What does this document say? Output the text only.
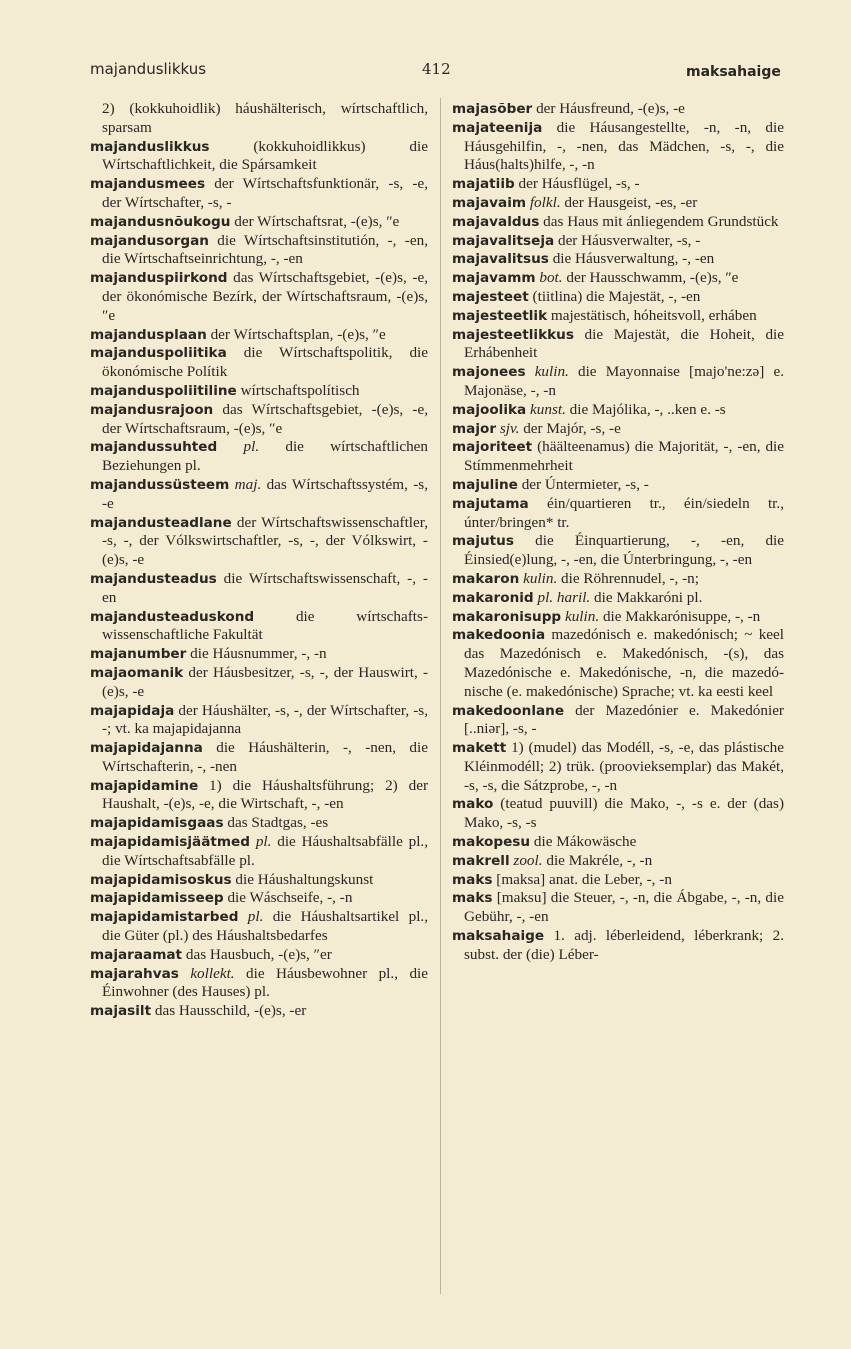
majanduslikkus	412	maksahaige

2) (kokkuhoidlik) háushälterisch, wírtschaftlich, sparsam

majanduslikkus (kokkuhoidlikkus) die Wírtschaftlichkeit, die Spársamkeit

majandusmees der Wírtschaftsfunktionär, -s, -e, der Wírtschafter, -s, -

majandusnõukogu der Wírtschaftsrat, -(e)s, ″e

majandusorgan die Wírtschaftsinstitutión, -, -en, die Wírtschaftseinrichtung, -, -en

majanduspiirkond das Wírtschaftsgebiet, -(e)s, -e, der ökonómische Bezírk, der Wírtschaftsraum, -(e)s, ″e

majandusplaan der Wírtschaftsplan, -(e)s, ″e

majanduspoliitika die Wírtschaftspolitik, die ökonómische Polítik

majanduspoliitiline wírtschaftspolítisch

majandusrajoon das Wírtschaftsgebiet, -(e)s, -e, der Wírtschaftsraum, -(e)s, ″e

majandussuhted pl. die wírtschaftlichen Beziehungen pl.

majandussüsteem maj. das Wírtschaftssystém, -s, -e

majandusteadlane der Wírtschaftswissenschaftler, -s, -, der Vólkswirtschaftler, -s, -, der Vólkswirt, -(e)s, -e

majandusteadus die Wírtschaftswissenschaft, -, -en

majandusteaduskond die wírtschaftswissenschaftliche Fakultät

majanumber die Háusnummer, -, -n

majaomanik der Háusbesitzer, -s, -, der Hauswirt, -(e)s, -e

majapidaja der Háushälter, -s, -, der Wírtschafter, -s, -; vt. ka majapidajanna

majapidajanna die Háushälterin, -, -nen, die Wírtschafterin, -, -nen

majapidamine 1) die Háushaltsführung; 2) der Haushalt, -(e)s, -e, die Wirtschaft, -, -en

majapidamisgaas das Stadtgas, -es

majapidamisjäätmed pl. die Háushaltsabfälle pl., die Wírtschaftsabfälle pl.

majapidamisoskus die Háushaltungskunst

majapidamisseep die Wáschseife, -, -n

majapidamistarbed pl. die Háushaltsartikel pl., die Güter (pl.) des Háushaltsbedarfes

majaraamat das Hausbuch, -(e)s, ″er

majarahvas kollekt. die Háusbewohner pl., die Éinwohner (des Hauses) pl.

majasilt das Hausschild, -(e)s, -er

majasõber der Háusfreund, -(e)s, -e

majateenija die Háusangestellte, -n, -n, die Háusgehilfin, -, -nen, das Mädchen, -s, -, die Háus(halts)hilfe, -, -n

majatiib der Háusflügel, -s, -

majavaim folkl. der Hausgeist, -es, -er

majavaldus das Haus mit ánliegendem Grundstück

majavalitseja der Háusverwalter, -s, -

majavalitsus die Háusverwaltung, -, -en

majavamm bot. der Hausschwamm, -(e)s, ″e

majesteet (tiitlina) die Majestät, -, -en

majesteetlik majestätisch, hóheitsvoll, erháben

majesteetlikkus die Majestät, die Hoheit, die Erhábenheit

majonees kulin. die Mayonnaise [majo'ne:zə] e. Majonäse, -, -n

majoolika kunst. die Majólika, -, ..ken e. -s

major sjv. der Majór, -s, -e

majoriteet (häälteenamus) die Majorität, -, -en, die Stímmenmehrheit

majuline der Úntermieter, -s, -

majutama éin/quartieren tr., éin/siedeln tr., únter/bringen* tr.

majutus die Éinquartierung, -, -en, die Éinsied(e)lung, -, -en, die Únterbringung, -, -en

makaron kulin. die Röhrennudel, -, -n;

makaronid pl. haril. die Makkaróni pl.

makaronisupp kulin. die Makkarónisuppe, -, -n

makedoonia mazedónisch e. makedónisch; ~ keel das Mazedónisch e. Makedónisch, -(s), das Mazedónische e. Makedónische, -n, die mazedónische (e. makedónische) Sprache; vt. ka eesti keel

makedoonlane der Mazedónier e. Makedónier [..niər], -s, -

makett 1) (mudel) das Modéll, -s, -e, das plástische Kléinmodéll; 2) trük. (proovieksemplar) das Makét, -s, -s, die Sátzprobe, -, -n

mako (teatud puuvill) die Mako, -, -s e. der (das) Mako, -s, -s

makopesu die Mákowäsche

makrell zool. die Makréle, -, -n

maks [maksa] anat. die Leber, -, -n

maks [maksu] die Steuer, -, -n, die Ábgabe, -, -n, die Gebühr, -, -en

maksahaige 1. adj. léberleidend, léberkrank; 2. subst. der (die) Léber-
